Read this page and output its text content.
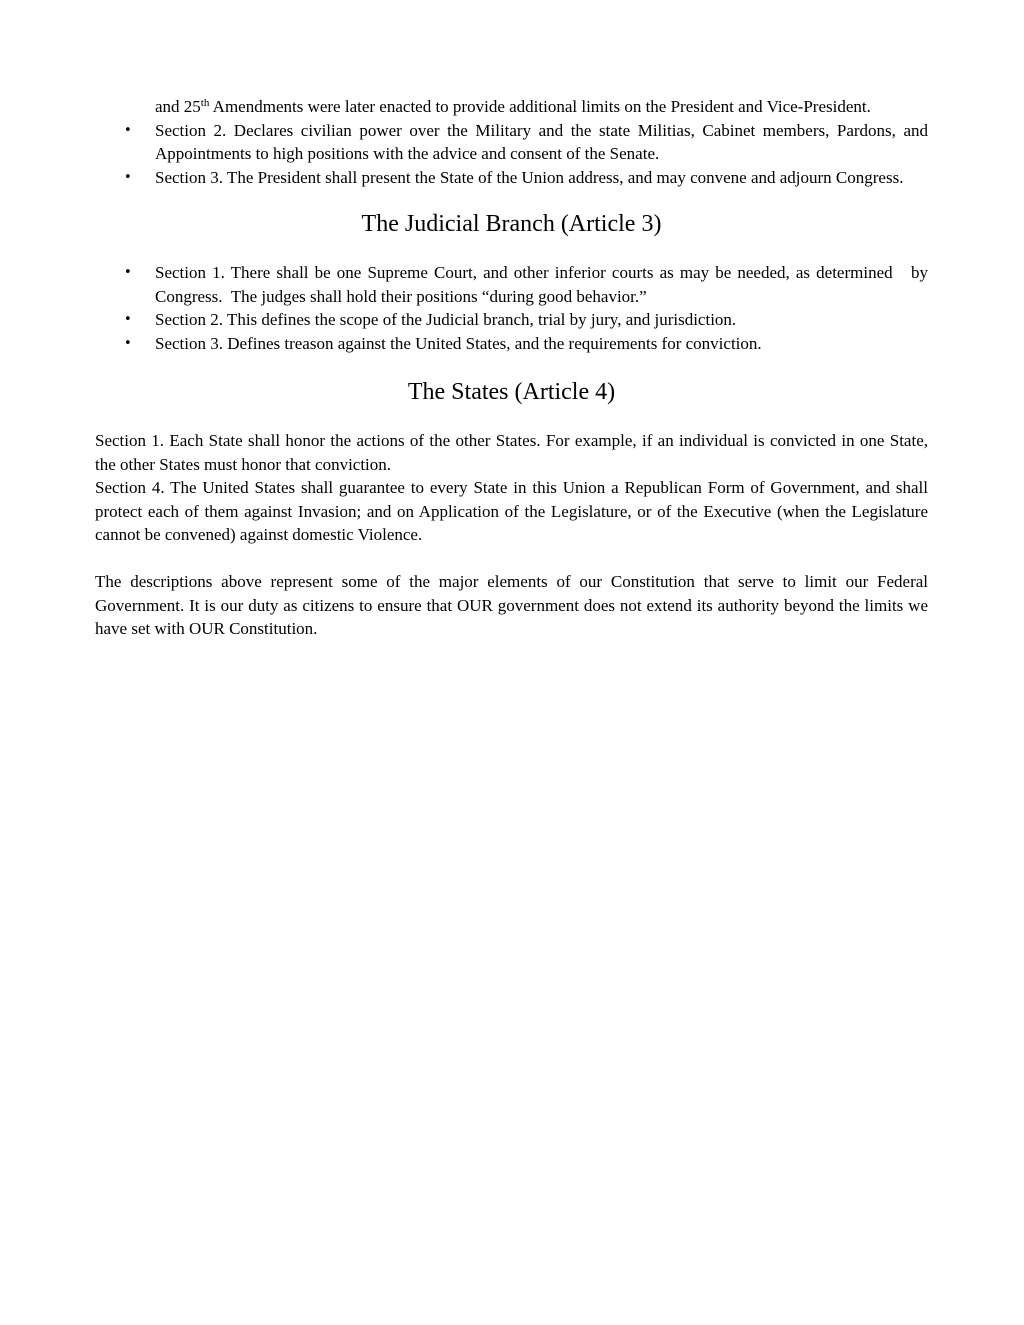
and 25th Amendments were later enacted to provide additional limits on the President and Vice-President.

• Section 2. Declares civilian power over the Military and the state Militias, Cabinet members, Pardons, and Appointments to high positions with the advice and consent of the Senate.
• Section 3. The President shall present the State of the Union address, and may convene and adjourn Congress.
The Judicial Branch (Article 3)
• Section 1. There shall be one Supreme Court, and other inferior courts as may be needed, as determined   by Congress.  The judges shall hold their positions “during good behavior.”
• Section 2. This defines the scope of the Judicial branch, trial by jury, and jurisdiction.
• Section 3. Defines treason against the United States, and the requirements for conviction.
The States (Article 4)

Section 1. Each State shall honor the actions of the other States. For example, if an individual is convicted in one State, the other States must honor that conviction.

Section 4. The United States shall guarantee to every State in this Union a Republican Form of Government, and shall protect each of them against Invasion; and on Application of the Legislature, or of the Executive (when the Legislature cannot be convened) against domestic Violence.

The descriptions above represent some of the major elements of our Constitution that serve to limit our Federal Government. It is our duty as citizens to ensure that OUR government does not extend its authority beyond the limits we have set with OUR Constitution.
